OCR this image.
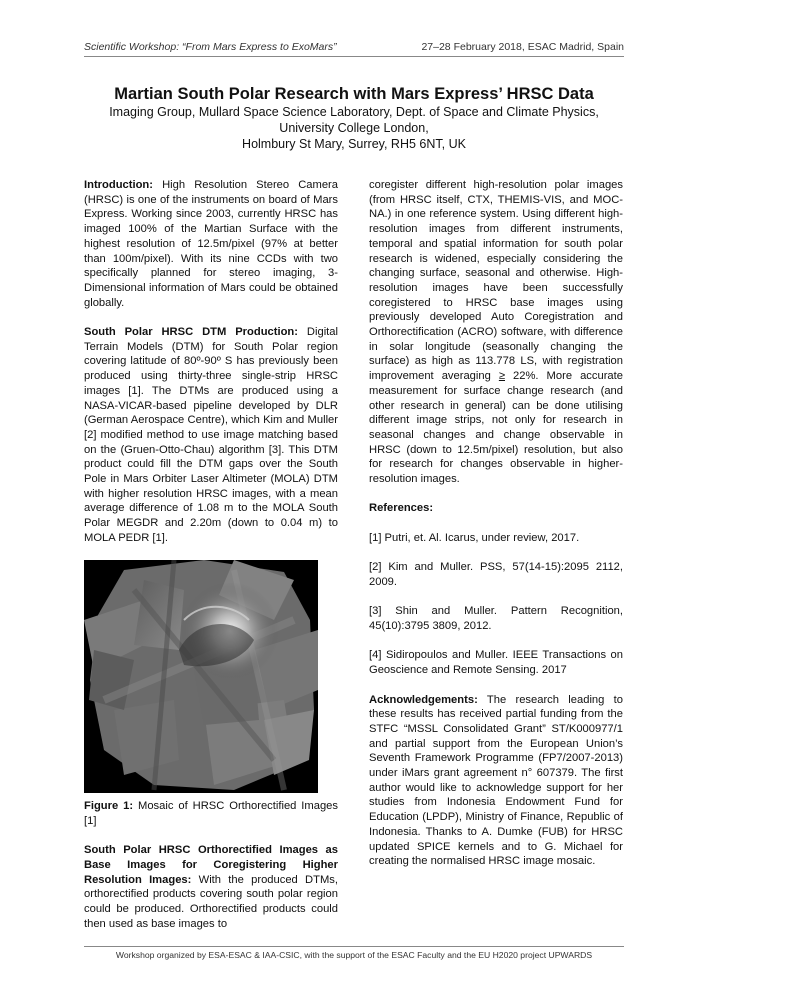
Scientific Workshop: “From Mars Express to ExoMars”	27–28 February 2018, ESAC Madrid, Spain

Martian South Polar Research with Mars Express’ HRSC Data

Imaging Group, Mullard Space Science Laboratory, Dept. of Space and Climate Physics,

University College London,

Holmbury St Mary, Surrey, RH5 6NT, UK

Introduction: High Resolution Stereo Camera (HRSC) is one of the instruments on board of Mars Express. Working since 2003, currently HRSC has imaged 100% of the Martian Surface with the highest resolution of 12.5m/pixel (97% at better than 100m/pixel). With its nine CCDs with two specifically planned for stereo imaging, 3-Dimensional information of Mars could be obtained globally.

South Polar HRSC DTM Production: Digital Terrain Models (DTM) for South Polar region covering latitude of 80º-90º S has previously been produced using thirty-three single-strip HRSC images [1]. The DTMs are produced using a NASA-VICAR-based pipeline developed by DLR (German Aerospace Centre), which Kim and Muller [2] modified method to use image matching based on the (Gruen-Otto-Chau) algorithm [3]. This DTM product could fill the DTM gaps over the South Pole in Mars Orbiter Laser Altimeter (MOLA) DTM with higher resolution HRSC images, with a mean average difference of 1.08 m to the MOLA South Polar MEGDR and 2.20m (down to 0.04 m) to MOLA PEDR [1].

Figure 1: Mosaic of HRSC Orthorectified Images [1]

South Polar HRSC Orthorectified Images as Base Images for Coregistering Higher Resolution Images: With the produced DTMs, orthorectified products covering south polar region could be produced. Orthorectified products could then used as base images to

coregister different high-resolution polar images (from HRSC itself, CTX, THEMIS-VIS, and MOC-NA.) in one reference system. Using different high-resolution images from different instruments, temporal and spatial information for south polar research is widened, especially considering the changing surface, seasonal and otherwise. High-resolution images have been successfully coregistered to HRSC base images using previously developed Auto Coregistration and Orthorectification (ACRO) software, with difference in solar longitude (seasonally changing the surface) as high as 113.778 LS, with registration improvement averaging ≥ 22%. More accurate measurement for surface change research (and other research in general) can be done utilising different image strips, not only for research in seasonal changes and change observable in HRSC (down to 12.5m/pixel) resolution, but also for research for changes observable in higher-resolution images.

References:

[1] Putri, et. Al. Icarus, under review, 2017.

[2] Kim and Muller. PSS, 57(14-15):2095 2112, 2009.

[3] Shin and Muller. Pattern Recognition, 45(10):3795 3809, 2012.

[4] Sidiropoulos and Muller. IEEE Transactions on Geoscience and Remote Sensing. 2017

Acknowledgements: The research leading to these results has received partial funding from the STFC “MSSL Consolidated Grant” ST/K000977/1 and partial support from the European Union’s Seventh Framework Programme (FP7/2007-2013) under iMars grant agreement n° 607379. The first author would like to acknowledge support for her studies from Indonesia Endowment Fund for Education (LPDP), Ministry of Finance, Republic of Indonesia. Thanks to A. Dumke (FUB) for HRSC updated SPICE kernels and to G. Michael for creating the normalised HRSC image mosaic.

Workshop organized by ESA-ESAC & IAA-CSIC, with the support of the ESAC Faculty and the EU H2020 project UPWARDS
